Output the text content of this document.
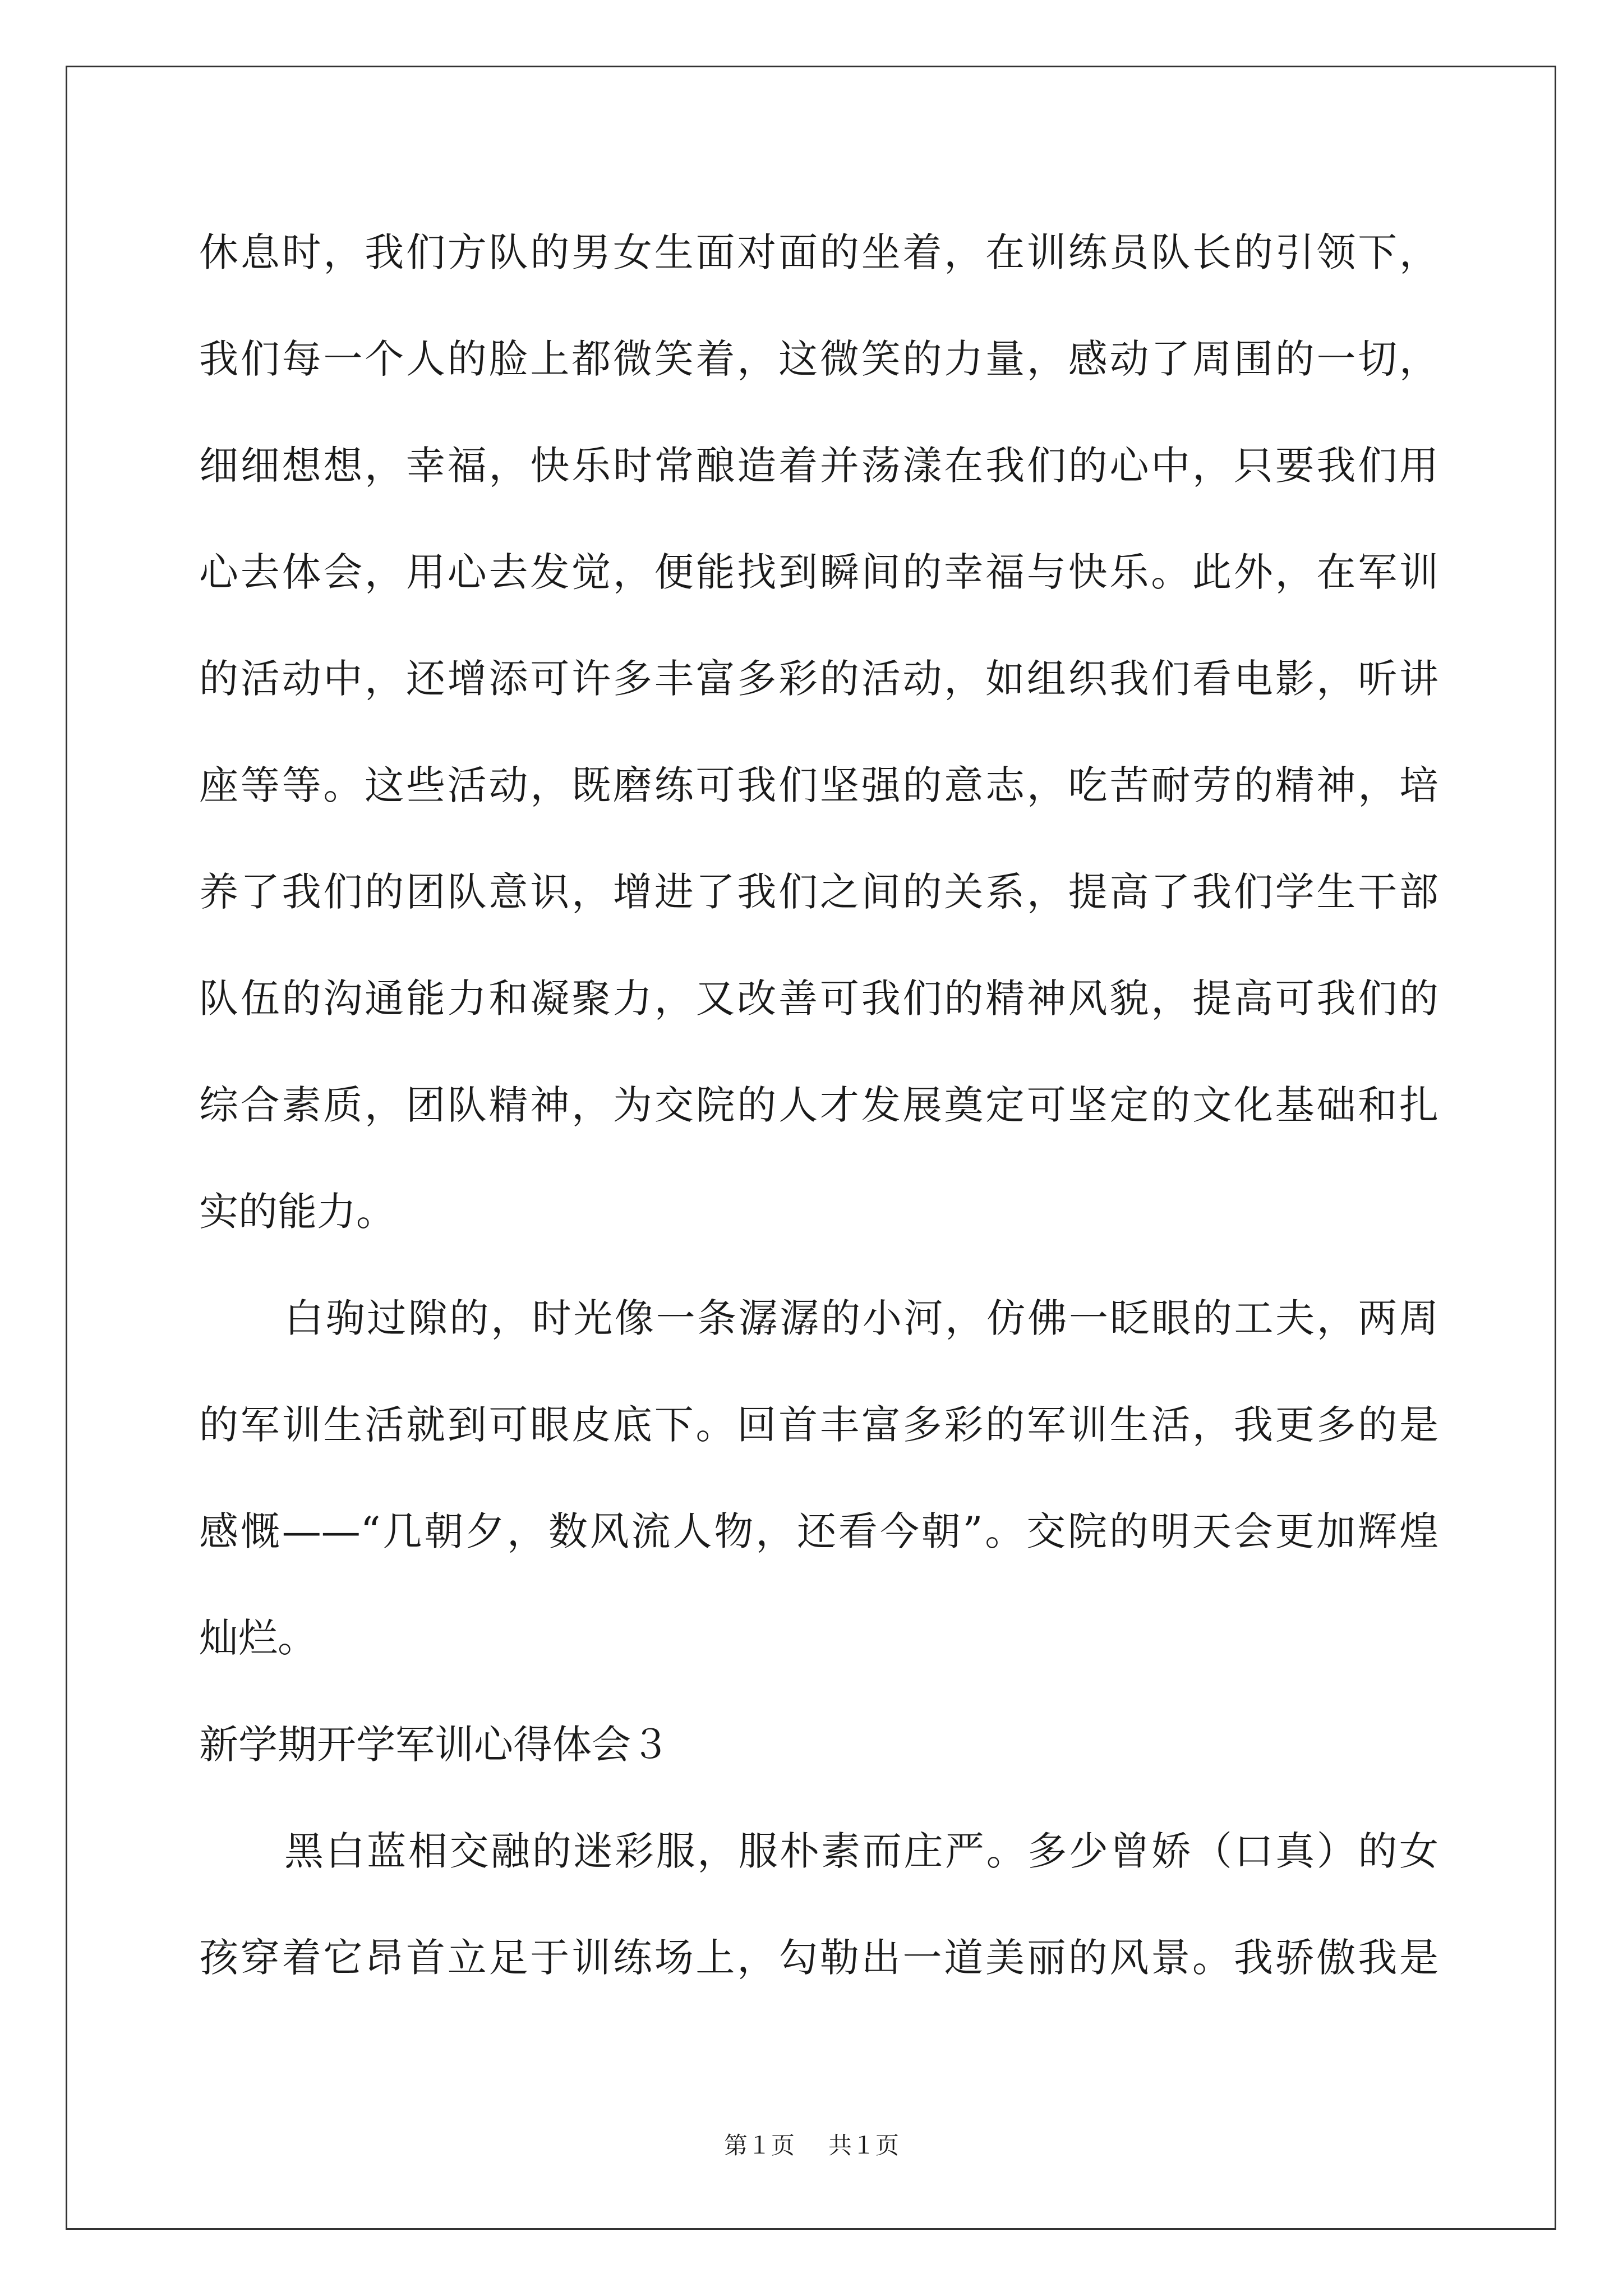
休息时，我们方队的男女生面对面的坐着，在训练员队长的引领下，
我们每一个人的脸上都微笑着，这微笑的力量，感动了周围的一切，
细细想想，幸福，快乐时常酿造着并荡漾在我们的心中，只要我们用
心去体会，用心去发觉，便能找到瞬间的幸福与快乐。此外，在军训
的活动中，还增添可许多丰富多彩的活动，如组织我们看电影，听讲
座等等。这些活动，既磨练可我们坚强的意志，吃苦耐劳的精神，培
养了我们的团队意识，增进了我们之间的关系，提高了我们学生干部
队伍的沟通能力和凝聚力，又改善可我们的精神风貌，提高可我们的
综合素质，团队精神，为交院的人才发展奠定可坚定的文化基础和扎
实的能力。
白驹过隙的，时光像一条潺潺的小河，仿佛一眨眼的工夫，两周
的军训生活就到可眼皮底下。回首丰富多彩的军训生活，我更多的是
感慨——“几朝夕，数风流人物，还看今朝”。交院的明天会更加辉煌
灿烂。
新学期开学军训心得体会３
黑白蓝相交融的迷彩服，服朴素而庄严。多少曾娇（口真）的女
孩穿着它昂首立足于训练场上，勾勒出一道美丽的风景。我骄傲我是
第１页 共１页
